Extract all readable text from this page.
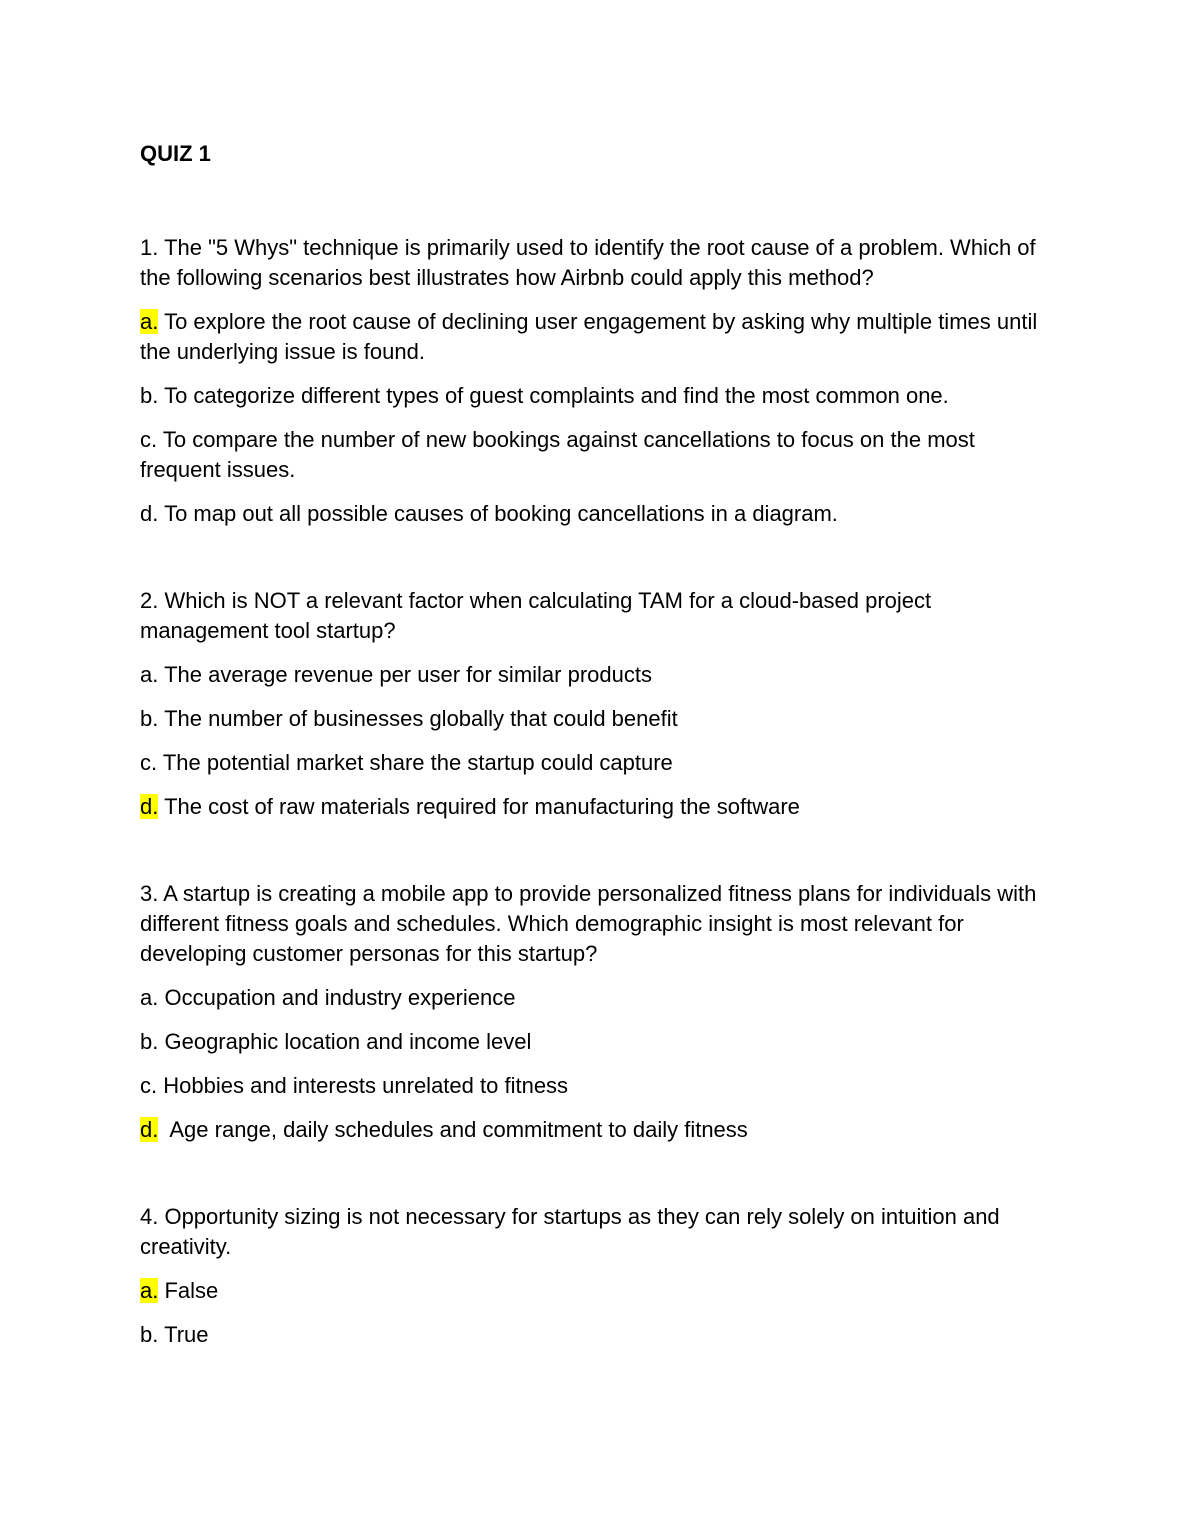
QUIZ 1

1. The "5 Whys" technique is primarily used to identify the root cause of a problem. Which of the following scenarios best illustrates how Airbnb could apply this method?

a. To explore the root cause of declining user engagement by asking why multiple times until the underlying issue is found.

b. To categorize different types of guest complaints and find the most common one.

c. To compare the number of new bookings against cancellations to focus on the most frequent issues.

d. To map out all possible causes of booking cancellations in a diagram.

2. Which is NOT a relevant factor when calculating TAM for a cloud-based project management tool startup?

a. The average revenue per user for similar products

b. The number of businesses globally that could benefit

c. The potential market share the startup could capture

d. The cost of raw materials required for manufacturing the software

3. A startup is creating a mobile app to provide personalized fitness plans for individuals with different fitness goals and schedules. Which demographic insight is most relevant for developing customer personas for this startup?

a. Occupation and industry experience

b. Geographic location and income level

c. Hobbies and interests unrelated to fitness

d.  Age range, daily schedules and commitment to daily fitness

4. Opportunity sizing is not necessary for startups as they can rely solely on intuition and creativity.

a. False

b. True
